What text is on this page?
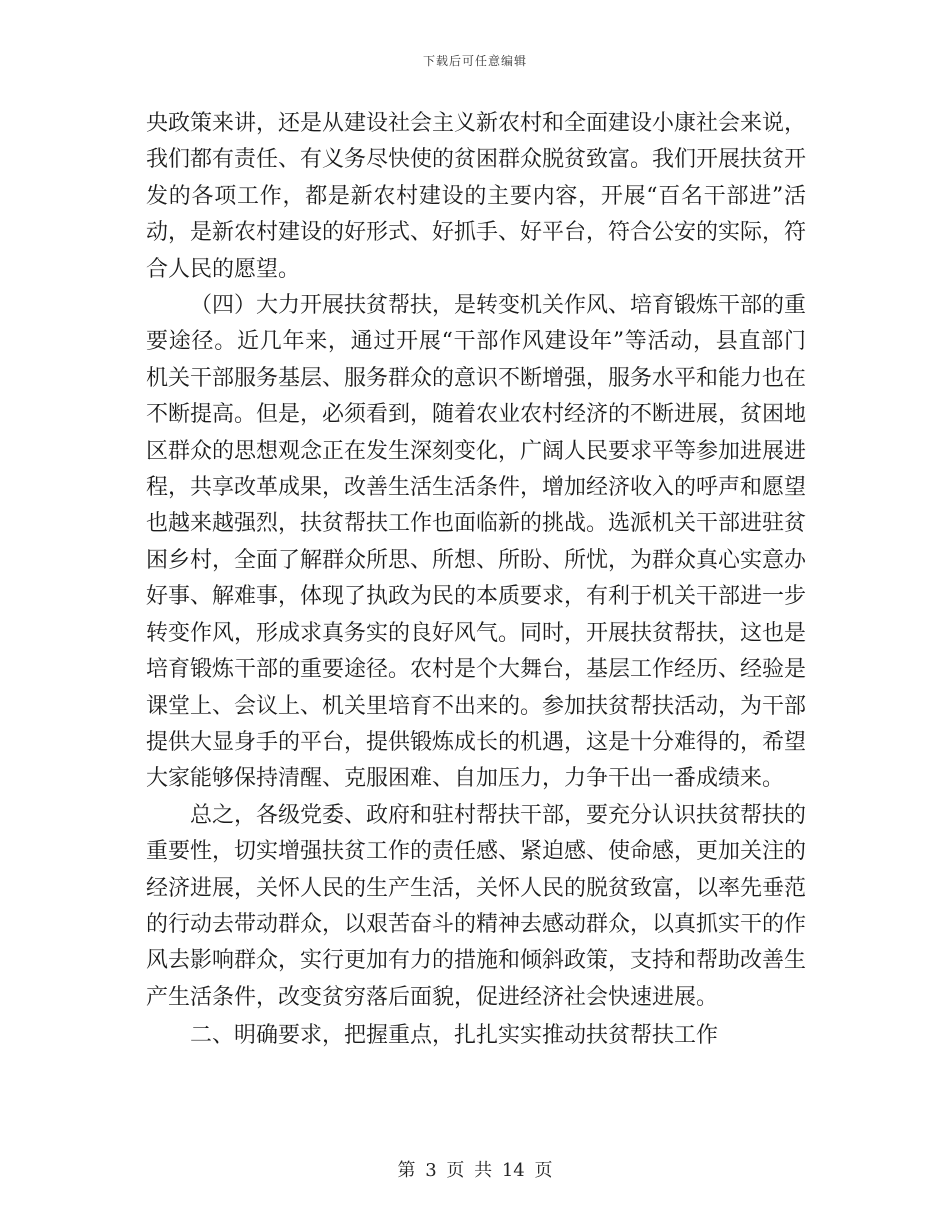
下载后可任意编辑

央政策来讲，还是从建设社会主义新农村和全面建设小康社会来说，我们都有责任、有义务尽快使的贫困群众脱贫致富。我们开展扶贫开发的各项工作，都是新农村建设的主要内容，开展“百名干部进”活动，是新农村建设的好形式、好抓手、好平台，符合公安的实际，符合人民的愿望。

（四）大力开展扶贫帮扶，是转变机关作风、培育锻炼干部的重要途径。近几年来，通过开展“干部作风建设年”等活动，县直部门机关干部服务基层、服务群众的意识不断增强，服务水平和能力也在不断提高。但是，必须看到，随着农业农村经济的不断进展，贫困地区群众的思想观念正在发生深刻变化，广阔人民要求平等参加进展进程，共享改革成果，改善生活生活条件，增加经济收入的呼声和愿望也越来越强烈，扶贫帮扶工作也面临新的挑战。选派机关干部进驻贫困乡村，全面了解群众所思、所想、所盼、所忧，为群众真心实意办好事、解难事，体现了执政为民的本质要求，有利于机关干部进一步转变作风，形成求真务实的良好风气。同时，开展扶贫帮扶，这也是培育锻炼干部的重要途径。农村是个大舞台，基层工作经历、经验是课堂上、会议上、机关里培育不出来的。参加扶贫帮扶活动，为干部提供大显身手的平台，提供锻炼成长的机遇，这是十分难得的，希望大家能够保持清醒、克服困难、自加压力，力争干出一番成绩来。

总之，各级党委、政府和驻村帮扶干部，要充分认识扶贫帮扶的重要性，切实增强扶贫工作的责任感、紧迫感、使命感，更加关注的经济进展，关怀人民的生产生活，关怀人民的脱贫致富，以率先垂范的行动去带动群众，以艰苦奋斗的精神去感动群众，以真抓实干的作风去影响群众，实行更加有力的措施和倾斜政策，支持和帮助改善生产生活条件，改变贫穷落后面貌，促进经济社会快速进展。

二、明确要求，把握重点，扎扎实实推动扶贫帮扶工作

第 3 页 共 14 页
